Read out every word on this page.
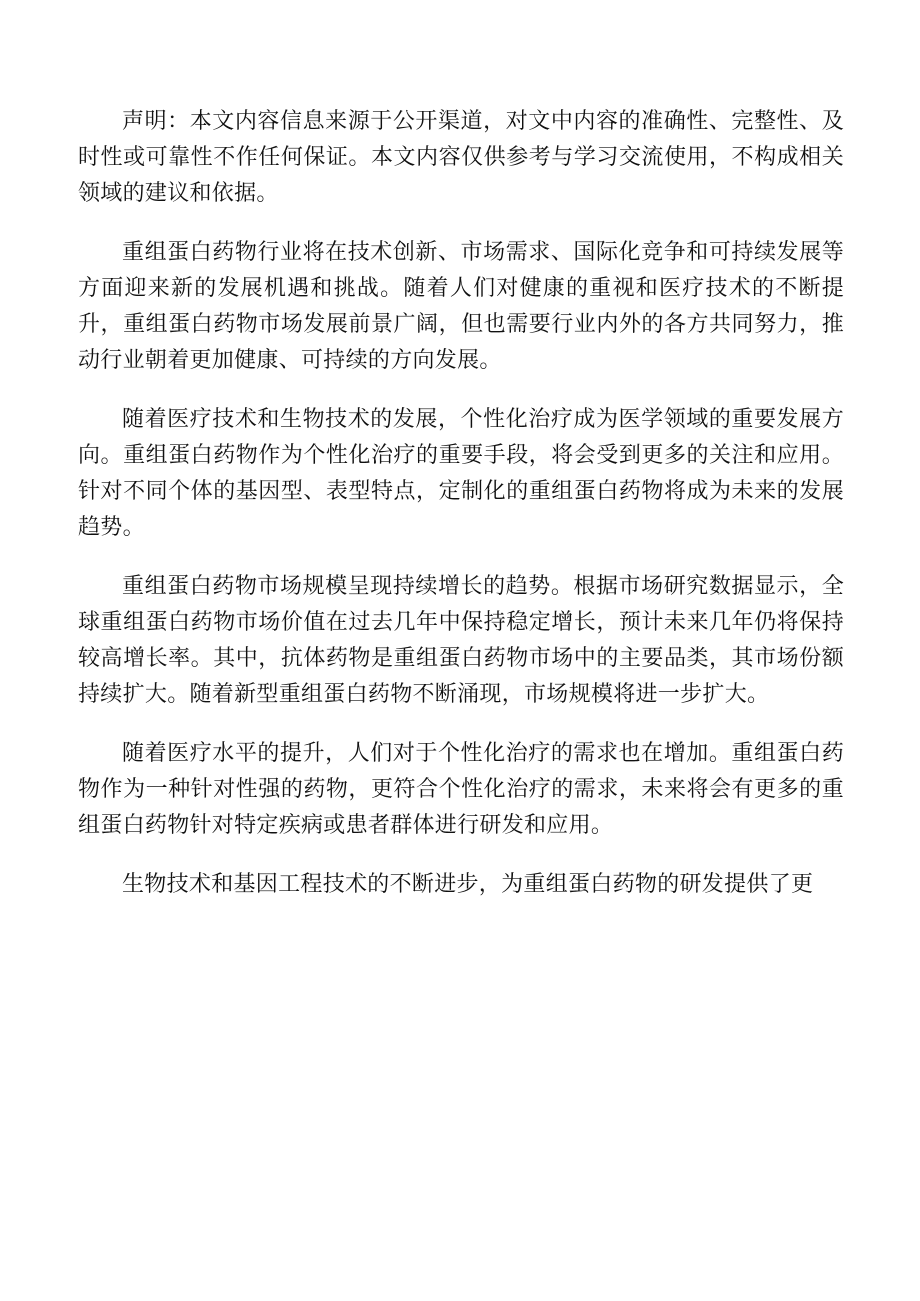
声明：本文内容信息来源于公开渠道，对文中内容的准确性、完整性、及时性或可靠性不作任何保证。本文内容仅供参考与学习交流使用，不构成相关领域的建议和依据。

重组蛋白药物行业将在技术创新、市场需求、国际化竞争和可持续发展等方面迎来新的发展机遇和挑战。随着人们对健康的重视和医疗技术的不断提升，重组蛋白药物市场发展前景广阔，但也需要行业内外的各方共同努力，推动行业朝着更加健康、可持续的方向发展。

随着医疗技术和生物技术的发展，个性化治疗成为医学领域的重要发展方向。重组蛋白药物作为个性化治疗的重要手段，将会受到更多的关注和应用。针对不同个体的基因型、表型特点，定制化的重组蛋白药物将成为未来的发展趋势。

重组蛋白药物市场规模呈现持续增长的趋势。根据市场研究数据显示，全球重组蛋白药物市场价值在过去几年中保持稳定增长，预计未来几年仍将保持较高增长率。其中，抗体药物是重组蛋白药物市场中的主要品类，其市场份额持续扩大。随着新型重组蛋白药物不断涌现，市场规模将进一步扩大。

随着医疗水平的提升，人们对于个性化治疗的需求也在增加。重组蛋白药物作为一种针对性强的药物，更符合个性化治疗的需求，未来将会有更多的重组蛋白药物针对特定疾病或患者群体进行研发和应用。

生物技术和基因工程技术的不断进步，为重组蛋白药物的研发提供了更
